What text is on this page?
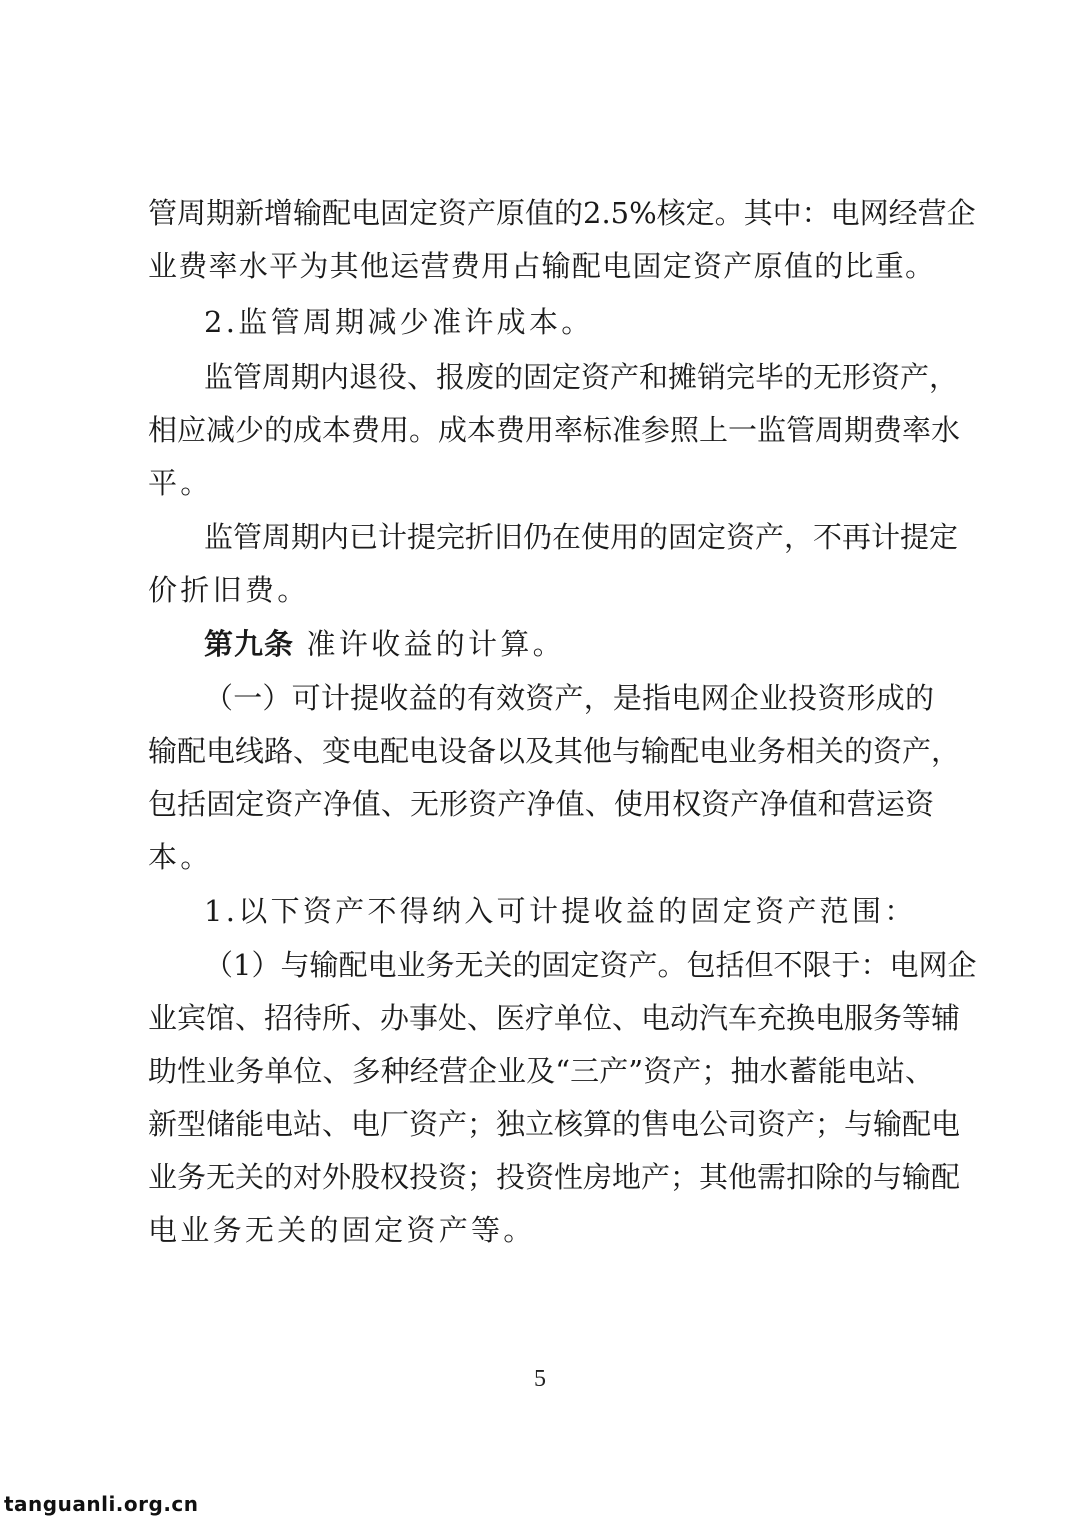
管周期新增输配电固定资产原值的2.5%核定。其中：电网经营企
业费率水平为其他运营费用占输配电固定资产原值的比重。
2.监管周期减少准许成本。
监管周期内退役、报废的固定资产和摊销完毕的无形资产，
相应减少的成本费用。成本费用率标准参照上一监管周期费率水
平。
监管周期内已计提完折旧仍在使用的固定资产，不再计提定
价折旧费。
第九条 准许收益的计算。
（一）可计提收益的有效资产，是指电网企业投资形成的
输配电线路、变电配电设备以及其他与输配电业务相关的资产，
包括固定资产净值、无形资产净值、使用权资产净值和营运资
本。
1.以下资产不得纳入可计提收益的固定资产范围：
（1）与输配电业务无关的固定资产。包括但不限于：电网企
业宾馆、招待所、办事处、医疗单位、电动汽车充换电服务等辅
助性业务单位、多种经营企业及“三产”资产；抽水蓄能电站、
新型储能电站、电厂资产；独立核算的售电公司资产；与输配电
业务无关的对外股权投资；投资性房地产；其他需扣除的与输配
电业务无关的固定资产等。
5
tanguanli.org.cn
